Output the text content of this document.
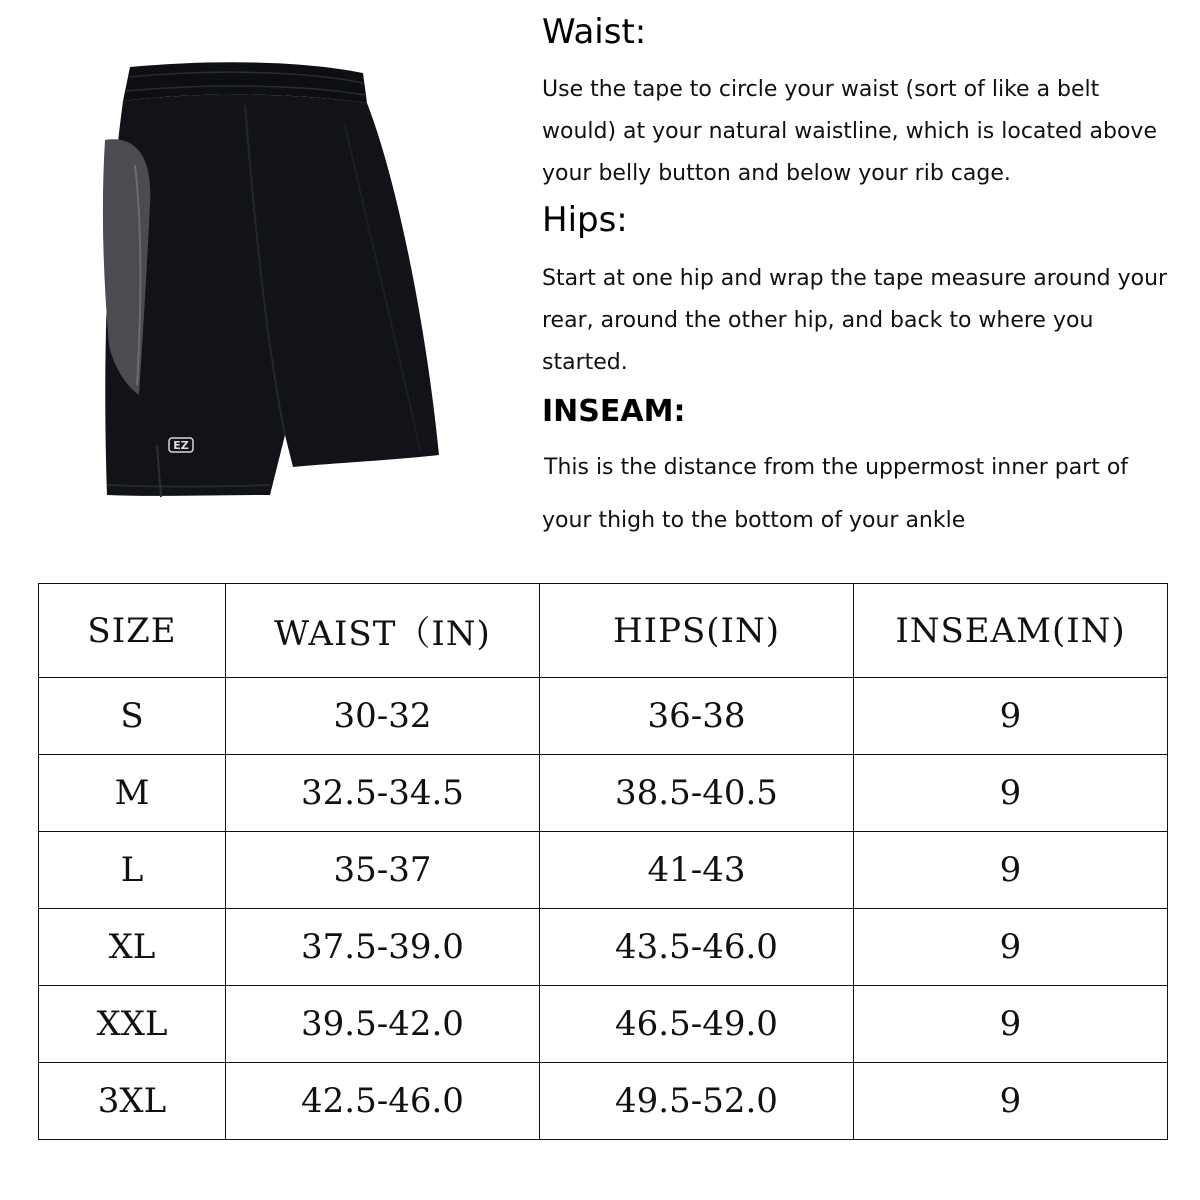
EZ
Waist:
Use the tape to circle your waist (sort of like a belt
would) at your natural waistline, which is located above
your belly button and below your rib cage.
Hips:
Start at one hip and wrap the tape measure around your
rear, around the other hip, and back to where you
started.
INSEAM:
This is the distance from the uppermost inner part of
your thigh to the bottom of your ankle
SIZE	WAIST（IN)	HIPS(IN)	INSEAM(IN)
S	30-32	36-38	9
M	32.5-34.5	38.5-40.5	9
L	35-37	41-43	9
XL	37.5-39.0	43.5-46.0	9
XXL	39.5-42.0	46.5-49.0	9
3XL	42.5-46.0	49.5-52.0	9
